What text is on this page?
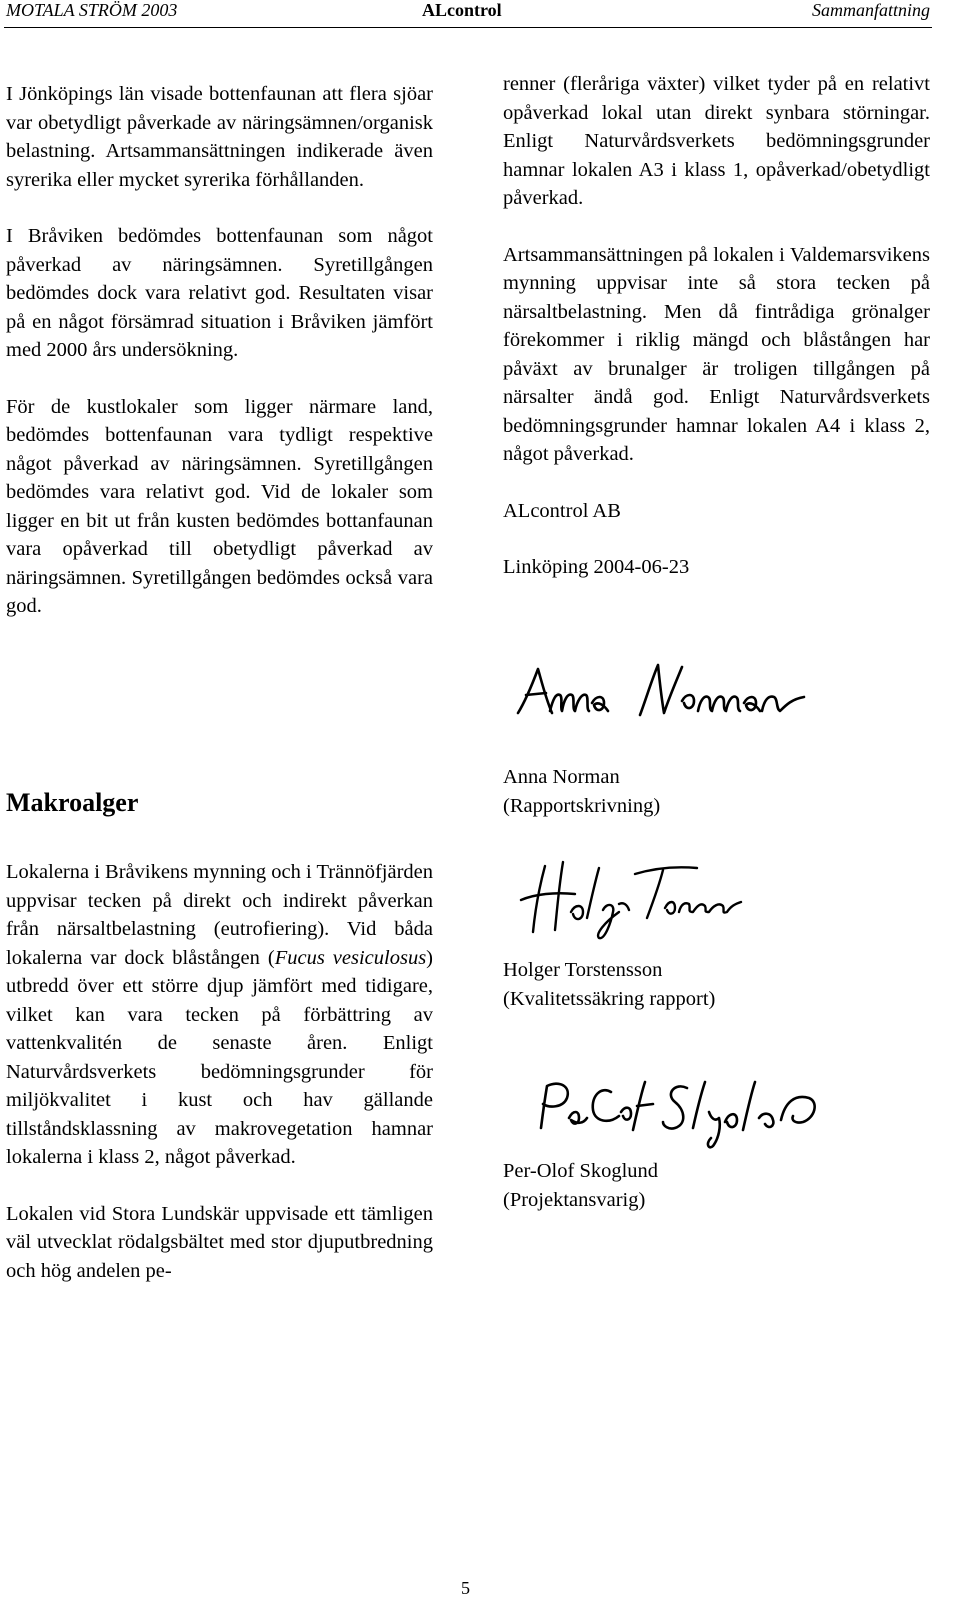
MOTALA STRÖM 2003	ALcontrol	Sammanfattning

I Jönköpings län visade bottenfaunan att flera sjöar var obetydligt påverkade av näringsämnen/organisk belastning. Artsammansättningen indikerade även syrerika eller mycket syrerika förhållanden.

I Bråviken bedömdes bottenfaunan som något påverkad av näringsämnen. Syretillgången bedömdes dock vara relativt god. Resultaten visar på en något försämrad situation i Bråviken jämfört med 2000 års undersökning.

För de kustlokaler som ligger närmare land, bedömdes bottenfaunan vara tydligt respektive något påverkad av näringsämnen. Syretillgången bedömdes vara relativt god. Vid de lokaler som ligger en bit ut från kusten bedömdes bottanfaunan vara opåverkad till obetydligt påverkad av näringsämnen. Syretillgången bedömdes också vara god.

Makroalger

Lokalerna i Bråvikens mynning och i Trännöfjärden uppvisar tecken på direkt och indirekt påverkan från närsaltbelastning (eutrofiering). Vid båda lokalerna var dock blåstången (Fucus vesiculosus) utbredd över ett större djup jämfört med tidigare, vilket kan vara tecken på förbättring av vattenkvalitén de senaste åren. Enligt Naturvårdsverkets bedömningsgrunder för miljökvalitet i kust och hav gällande tillståndsklassning av makrovegetation hamnar lokalerna i klass 2, något påverkad.

Lokalen vid Stora Lundskär uppvisade ett tämligen väl utvecklat rödalgsbältet med stor djuputbredning och hög andelen pe-

renner (fleråriga växter) vilket tyder på en relativt opåverkad lokal utan direkt synbara störningar. Enligt Naturvårdsverkets bedömningsgrunder hamnar lokalen A3 i klass 1, opåverkad/obetydligt påverkad.

Artsammansättningen på lokalen i Valdemarsvikens mynning uppvisar inte så stora tecken på närsaltbelastning. Men då fintrådiga grönalger förekommer i riklig mängd och blåstången har påväxt av brunalger är troligen tillgången på närsalter ändå god. Enligt Naturvårdsverkets bedömningsgrunder hamnar lokalen A4 i klass 2, något påverkad.

ALcontrol AB

Linköping 2004-06-23

Anna Norman

(Rapportskrivning)

Holger Torstensson

(Kvalitetssäkring rapport)

Per-Olof Skoglund

(Projektansvarig)

5
